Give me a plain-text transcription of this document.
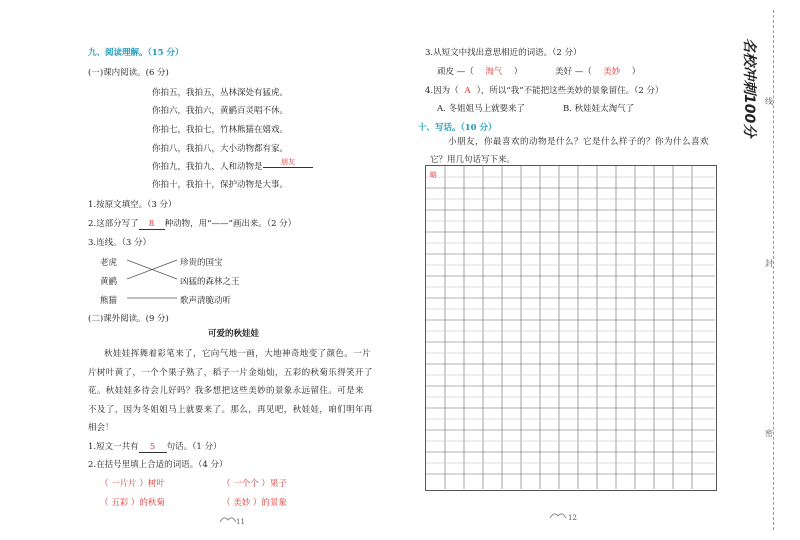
九、阅读理解。（15 分）
(一)课内阅读。(6 分)
你拍五，我拍五，丛林深处有猛虎。
你拍六，我拍六，黄鹂百灵唱不休。
你拍七，我拍七，竹林熊猫在嬉戏。
你拍八，我拍八，大小动物都有家。
你拍九，我拍九，人和动物是	朋友
你拍十，我拍十，保护动物是大事。
1.按原文填空。（3 分）
2.这部分写了 8 种动物，用“——”画出来。（2 分）
3.连线。（3 分）
老虎
黄鹂
熊猫
珍贵的国宝
凶猛的森林之王
歌声清脆动听
(二)课外阅读。(9 分)
可爱的秋娃娃
秋娃娃挥舞着彩笔来了，它向气地一画，大地神奇地变了颜色。一片
片树叶黄了，一个个果子熟了，稻子一片金灿灿，五彩的秋菊乐得笑开了
花。秋娃娃多待会儿好吗？我多想把这些美妙的景象永远留住。可是来
不及了，因为冬姐姐马上就要来了。那么，再见吧，秋娃娃，咱们明年再
相会！
1.短文一共有 5 句话。（1 分）
2.在括号里填上合适的词语。（4 分）
（ 一片片 ）树叶	（ 一个个 ）果子
（ 五彩 ）的秋菊	（ 美妙 ）的景象
11
3.从短文中找出意思相近的词语。（2 分）
顽皮 —（ 淘气 ）	美好 —（ 美妙 ）
4.因为（ A ），所以“我”不能把这些美妙的景象留住。（2 分）
A. 冬姐姐马上就要来了	B. 秋娃娃太淘气了
十、写话。（10 分）
小朋友，你最喜欢的动物是什么？它是什么样子的？你为什么喜欢
它？用几句话写下来。
略
12
名校冲刺100分	线
封
密
